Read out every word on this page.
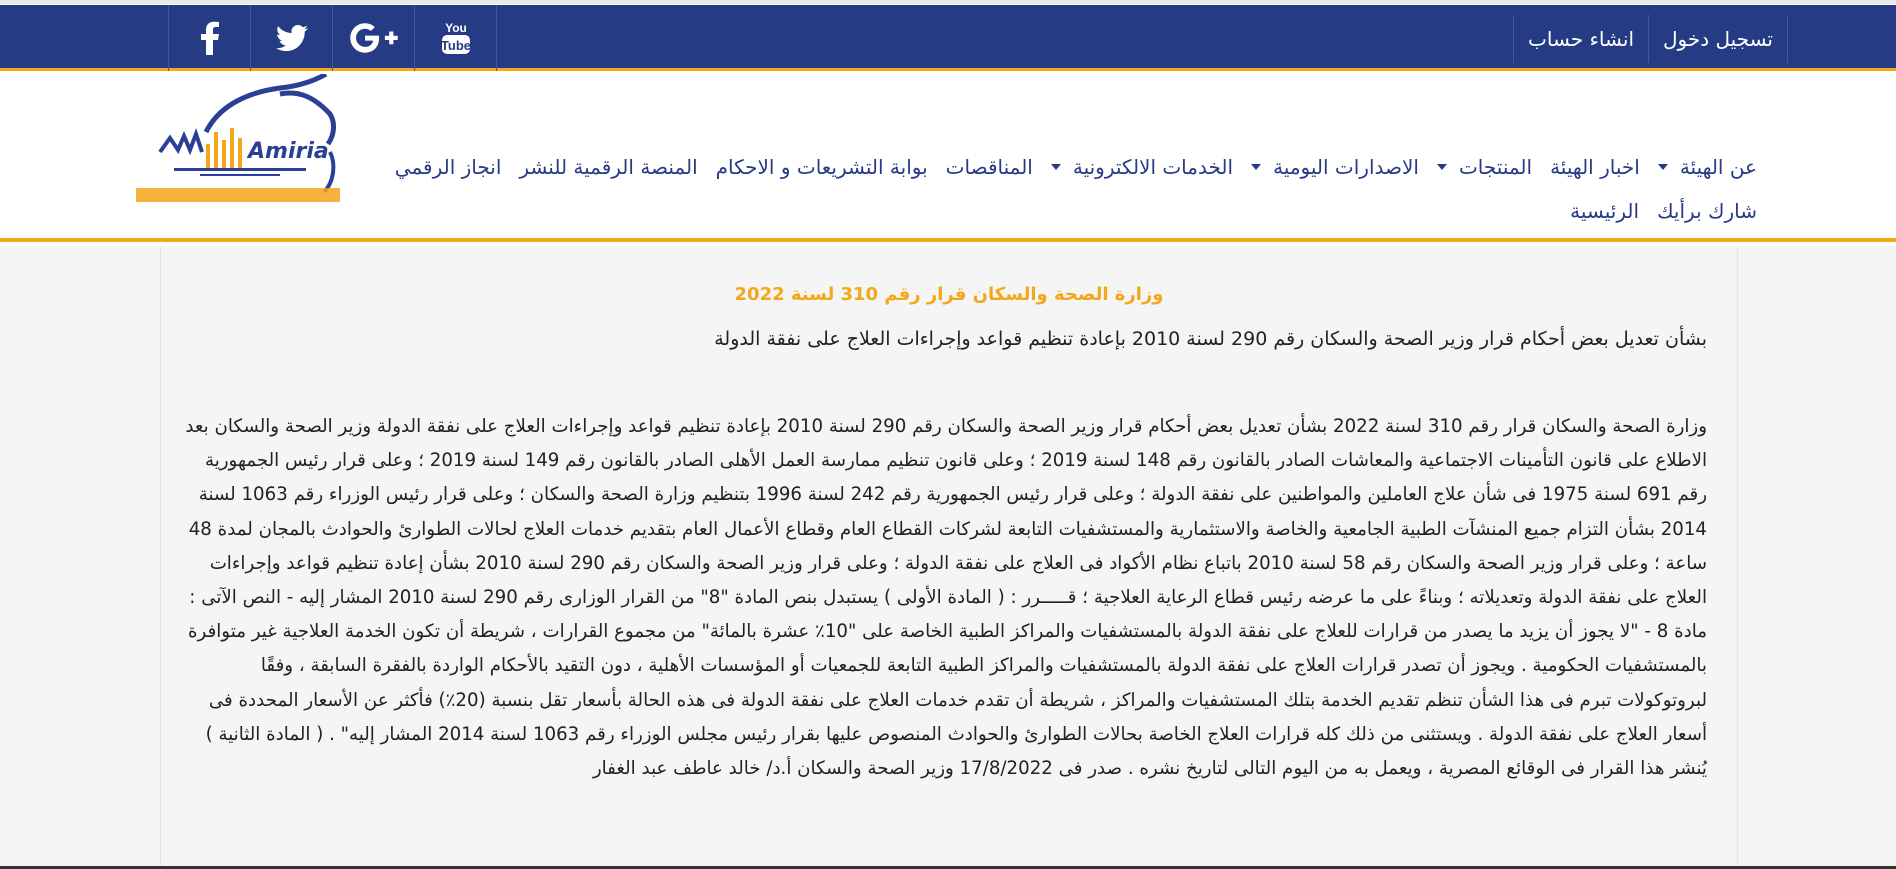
You
Tube	تسجيل دخول
انشاء حساب
Amiria
عن الهيئة
اخبار الهيئة
المنتجات
الاصدارات اليومية
الخدمات الالكترونية
المناقصات
بوابة التشريعات و الاحكام
المنصة الرقمية للنشر
انجاز الرقمي
شارك برأيك
الرئيسية
وزارة الصحة والسكان قرار رقم 310 لسنة 2022
بشأن تعديل بعض أحكام قرار وزير الصحة والسكان رقم 290 لسنة 2010 بإعادة تنظيم قواعد وإجراءات العلاج على نفقة الدولة
وزارة الصحة والسكان قرار رقم 310 لسنة 2022 بشأن تعديل بعض أحكام قرار وزير الصحة والسكان رقم 290 لسنة 2010 بإعادة تنظيم قواعد وإجراءات العلاج على نفقة الدولة وزير الصحة والسكان بعد الاطلاع على قانون التأمينات الاجتماعية والمعاشات الصادر بالقانون رقم 148 لسنة 2019 ؛ وعلى قانون تنظيم ممارسة العمل الأهلى الصادر بالقانون رقم 149 لسنة 2019 ؛ وعلى قرار رئيس الجمهورية رقم 691 لسنة 1975 فى شأن علاج العاملين والمواطنين على نفقة الدولة ؛ وعلى قرار رئيس الجمهورية رقم 242 لسنة 1996 بتنظيم وزارة الصحة والسكان ؛ وعلى قرار رئيس الوزراء رقم 1063 لسنة 2014 بشأن التزام جميع المنشآت الطبية الجامعية والخاصة والاستثمارية والمستشفيات التابعة لشركات القطاع العام وقطاع الأعمال العام بتقديم خدمات العلاج لحالات الطوارئ والحوادث بالمجان لمدة 48 ساعة ؛ وعلى قرار وزير الصحة والسكان رقم 58 لسنة 2010 باتباع نظام الأكواد فى العلاج على نفقة الدولة ؛ وعلى قرار وزير الصحة والسكان رقم 290 لسنة 2010 بشأن إعادة تنظيم قواعد وإجراءات العلاج على نفقة الدولة وتعديلاته ؛ وبناءً على ما عرضه رئيس قطاع الرعاية العلاجية ؛ قـــــرر : ( المادة الأولى ) يستبدل بنص المادة "8" من القرار الوزارى رقم 290 لسنة 2010 المشار إليه - النص الآتى : مادة 8 - "لا يجوز أن يزيد ما يصدر من قرارات للعلاج على نفقة الدولة بالمستشفيات والمراكز الطبية الخاصة على "10٪ عشرة بالمائة" من مجموع القرارات ، شريطة أن تكون الخدمة العلاجية غير متوافرة بالمستشفيات الحكومية . ويجوز أن تصدر قرارات العلاج على نفقة الدولة بالمستشفيات والمراكز الطبية التابعة للجمعيات أو المؤسسات الأهلية ، دون التقيد بالأحكام الواردة بالفقرة السابقة ، وفقًا لبروتوكولات تبرم فى هذا الشأن تنظم تقديم الخدمة بتلك المستشفيات والمراكز ، شريطة أن تقدم خدمات العلاج على نفقة الدولة فى هذه الحالة بأسعار تقل بنسبة (20٪) فأكثر عن الأسعار المحددة فى أسعار العلاج على نفقة الدولة . ويستثنى من ذلك كله قرارات العلاج الخاصة بحالات الطوارئ والحوادث المنصوص عليها بقرار رئيس مجلس الوزراء رقم 1063 لسنة 2014 المشار إليه" . ( المادة الثانية ) يُنشر هذا القرار فى الوقائع المصرية ، ويعمل به من اليوم التالى لتاريخ نشره . صدر فى 17/8/2022 وزير الصحة والسكان أ.د/ خالد عاطف عبد الغفار
